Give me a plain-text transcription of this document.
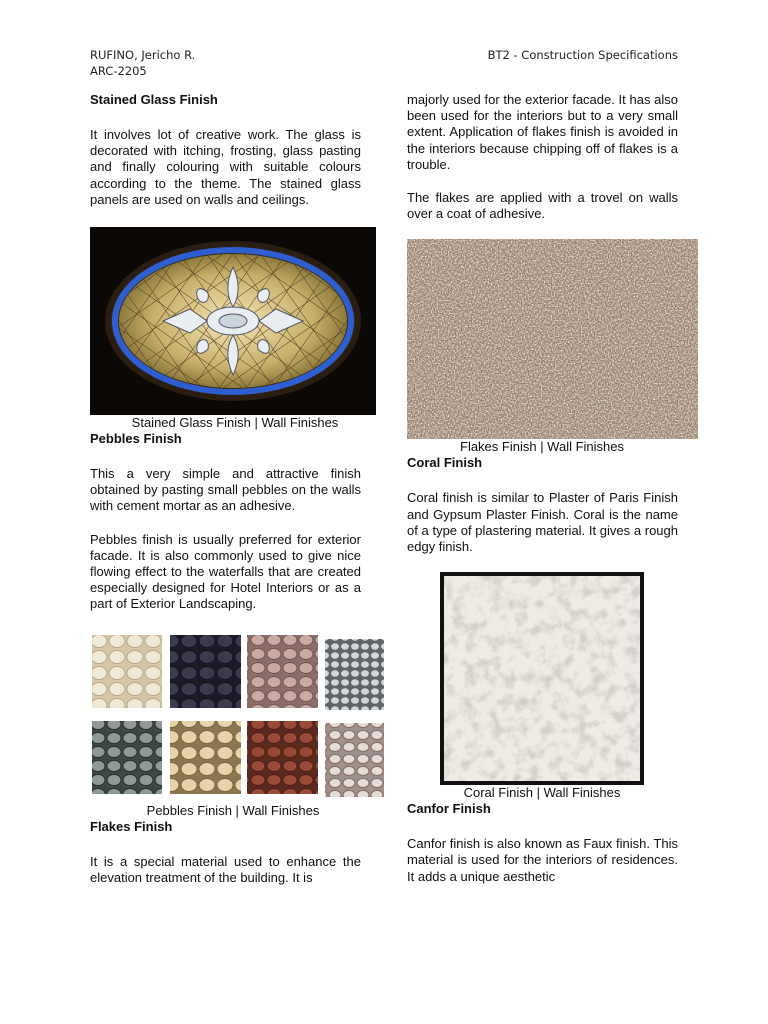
RUFINO, Jericho R.
ARC-2205
BT2 - Construction Specifications
Stained Glass Finish

It involves lot of creative work. The glass is decorated with itching, frosting, glass pasting and finally colouring with suitable colours according to the theme. The stained glass panels are used on walls and ceilings.

Stained Glass Finish | Wall Finishes

Pebbles Finish

This a very simple and attractive finish obtained by pasting small pebbles on the walls with cement mortar as an adhesive.

Pebbles finish is usually preferred for exterior facade. It is also commonly used to give nice flowing effect to the waterfalls that are created especially designed for Hotel Interiors or as a part of Exterior Landscaping.

Pebbles Finish | Wall Finishes

Flakes Finish

It is a special material used to enhance the elevation treatment of the building. It is

majorly used for the exterior facade. It has also been used for the interiors but to a very small extent. Application of flakes finish is avoided in the interiors because chipping off of flakes is a trouble.

The flakes are applied with a trovel on walls over a coat of adhesive.

Flakes Finish | Wall Finishes

Coral Finish

Coral finish is similar to Plaster of Paris Finish and Gypsum Plaster Finish. Coral is the name of a type of plastering material. It gives a rough edgy finish.

Coral Finish | Wall Finishes

Canfor Finish

Canfor finish is also known as Faux finish. This material is used for the interiors of residences. It adds a unique aesthetic
